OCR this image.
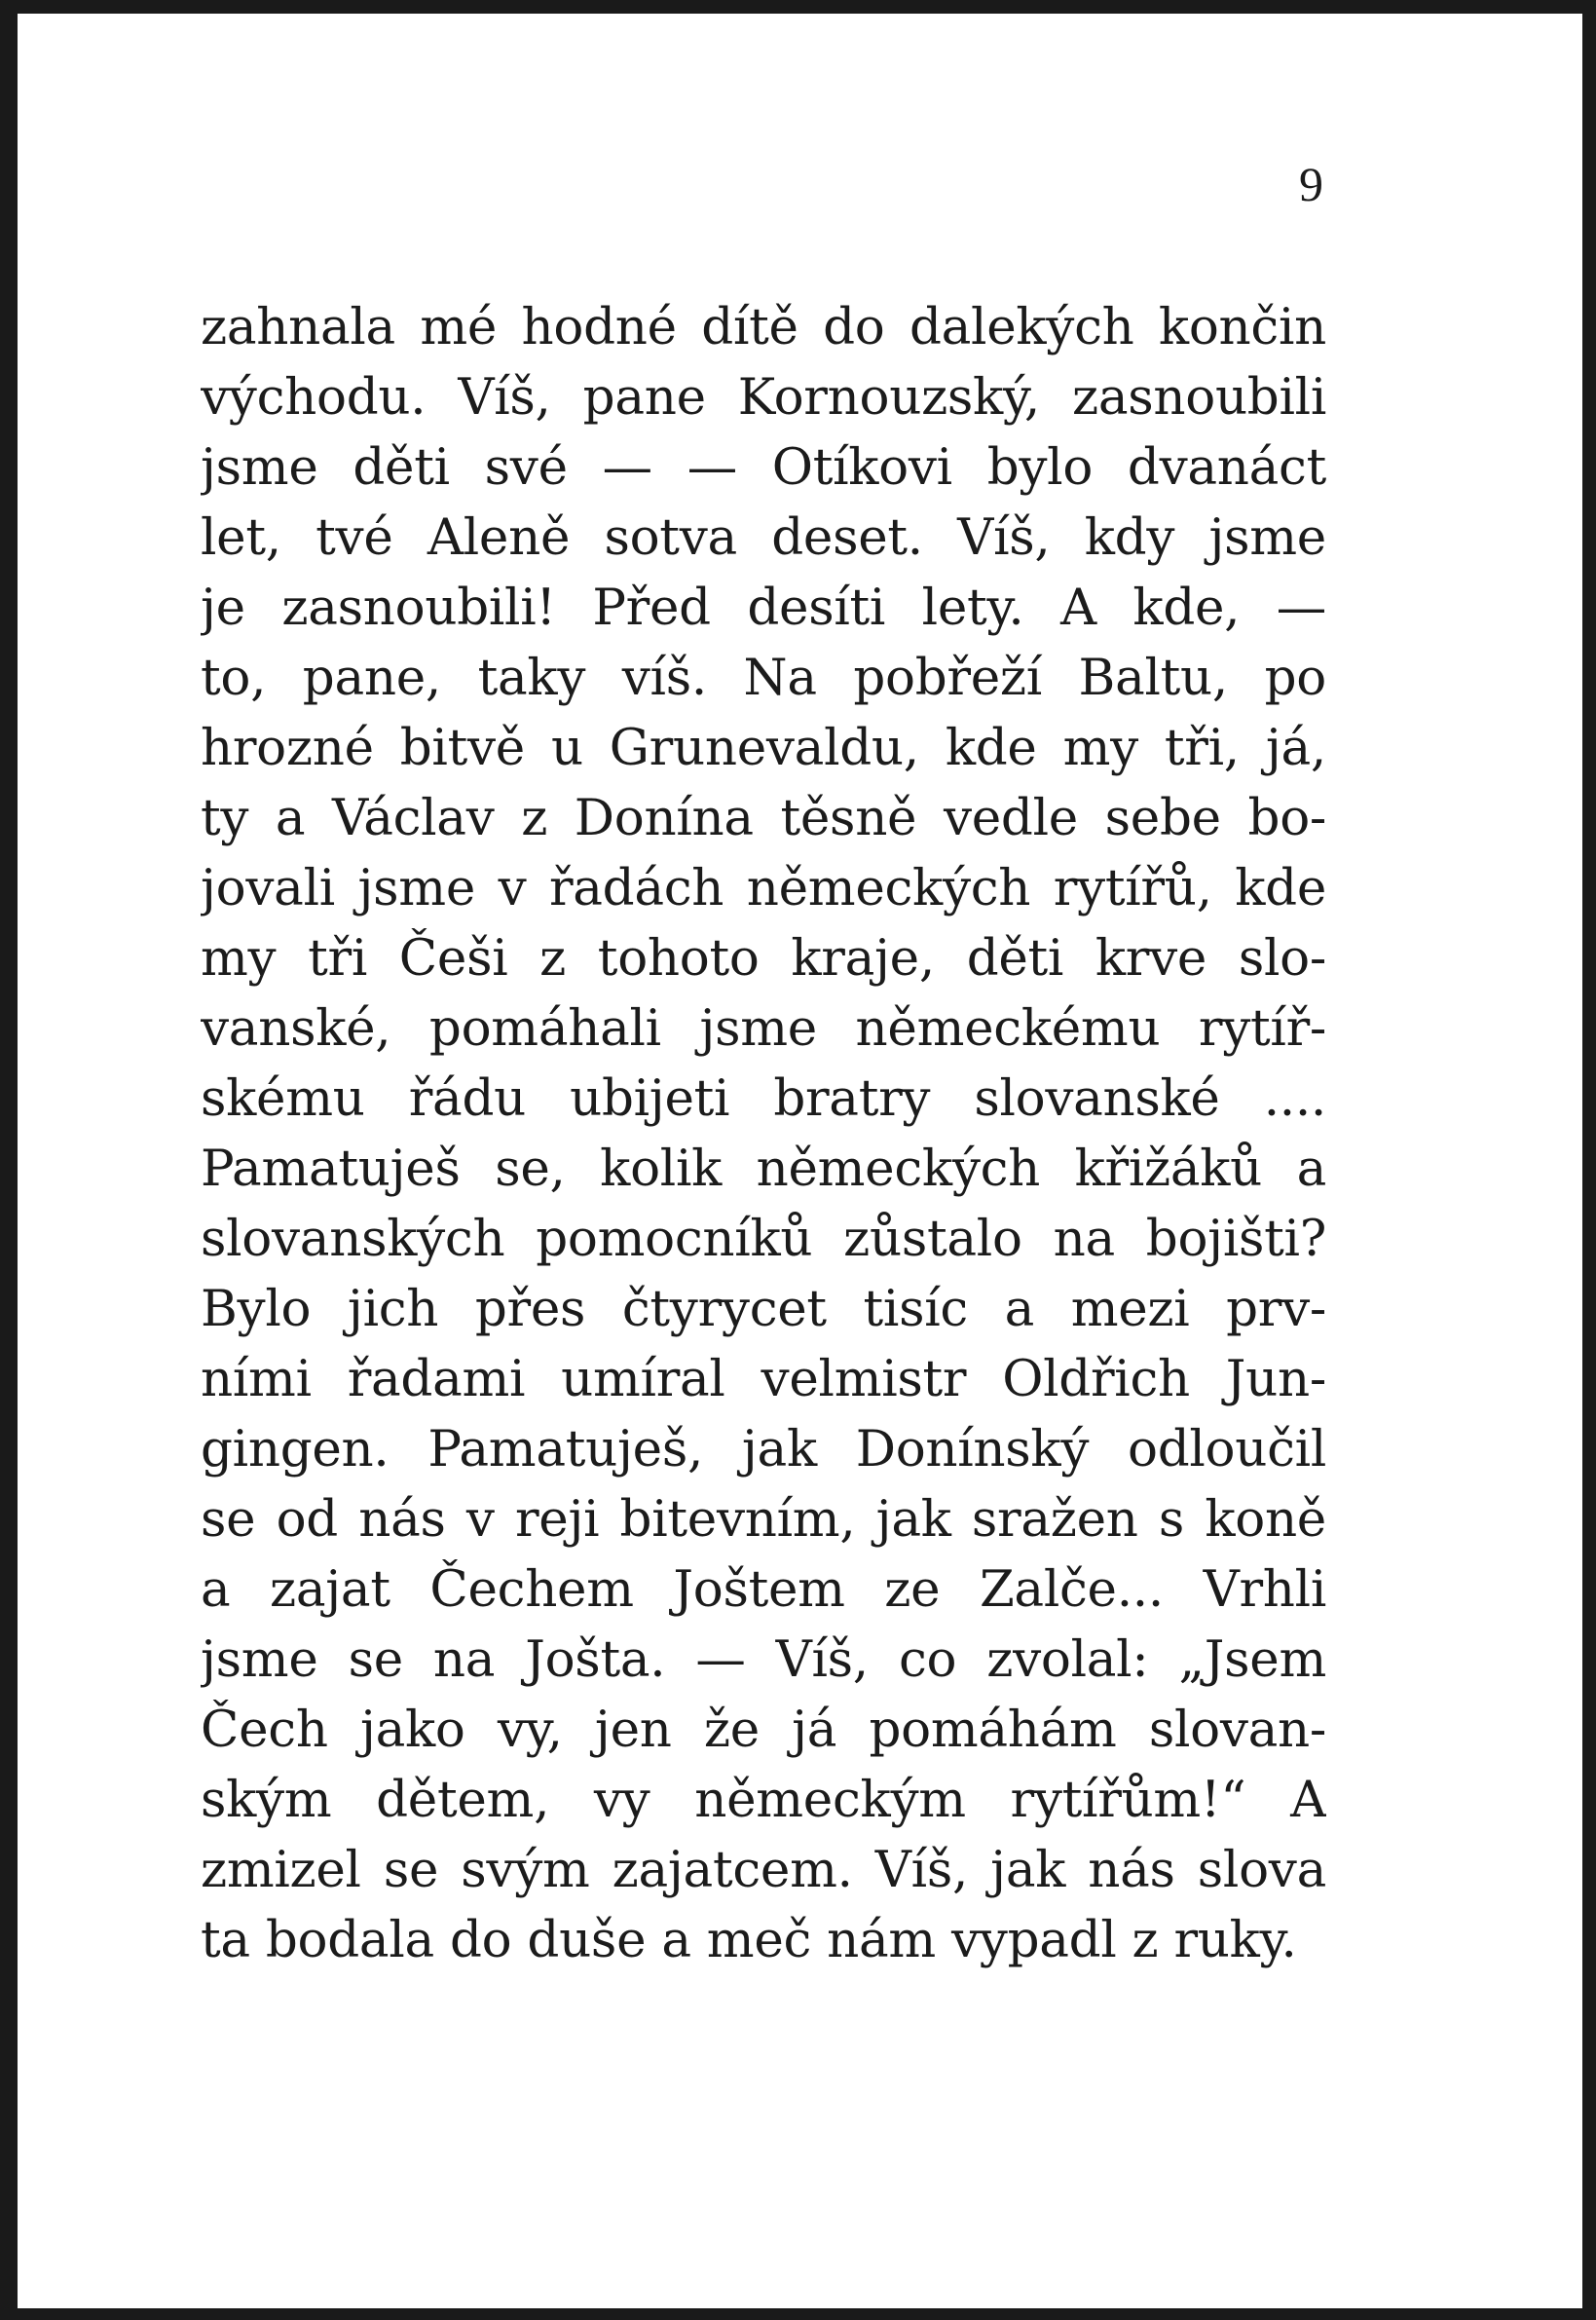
9
zahnala mé hodné dítě do dalekých končin
východu. Víš, pane Kornouzský, zasnoubili
jsme děti své — — Otíkovi bylo dvanáct
let, tvé Aleně sotva deset. Víš, kdy jsme
je zasnoubili! Před desíti lety. A kde, —
to, pane, taky víš. Na pobřeží Baltu, po
hrozné bitvě u Grunevaldu, kde my tři, já,
ty a Václav z Donína těsně vedle sebe bo-
jovali jsme v řadách německých rytířů, kde
my tři Češi z tohoto kraje, děti krve slo-
vanské, pomáhali jsme německému rytíř-
skému řádu ubijeti bratry slovanské ....
Pamatuješ se, kolik německých křižáků a
slovanských pomocníků zůstalo na bojišti?
Bylo jich přes čtyrycet tisíc a mezi prv-
ními řadami umíral velmistr Oldřich Jun-
gingen. Pamatuješ, jak Donínský odloučil
se od nás v reji bitevním, jak sražen s koně
a zajat Čechem Joštem ze Zalče... Vrhli
jsme se na Jošta. — Víš, co zvolal: „Jsem
Čech jako vy, jen že já pomáhám slovan-
ským dětem, vy německým rytířům!“ A
zmizel se svým zajatcem. Víš, jak nás slova
ta bodala do duše a meč nám vypadl z ruky.
